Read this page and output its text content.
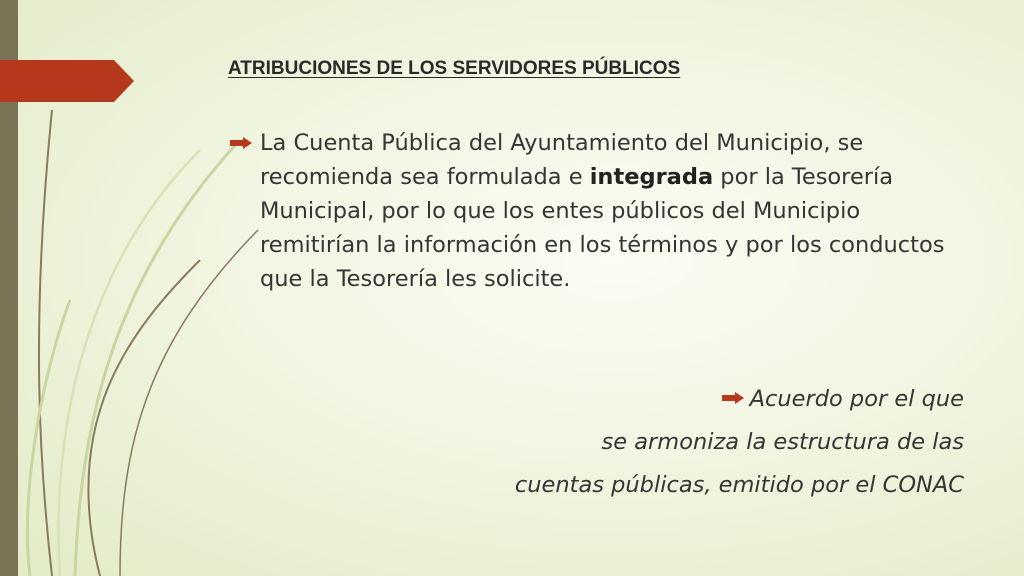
ATRIBUCIONES DE LOS SERVIDORES PÚBLICOS
La Cuenta Pública del Ayuntamiento del Municipio, se recomienda sea formulada e integrada por la Tesorería Municipal, por lo que los entes públicos del Municipio remitirían la información en los términos y por los conductos que la Tesorería les solicite.
Acuerdo por el que
se armoniza la estructura de las
cuentas públicas, emitido por el CONAC
